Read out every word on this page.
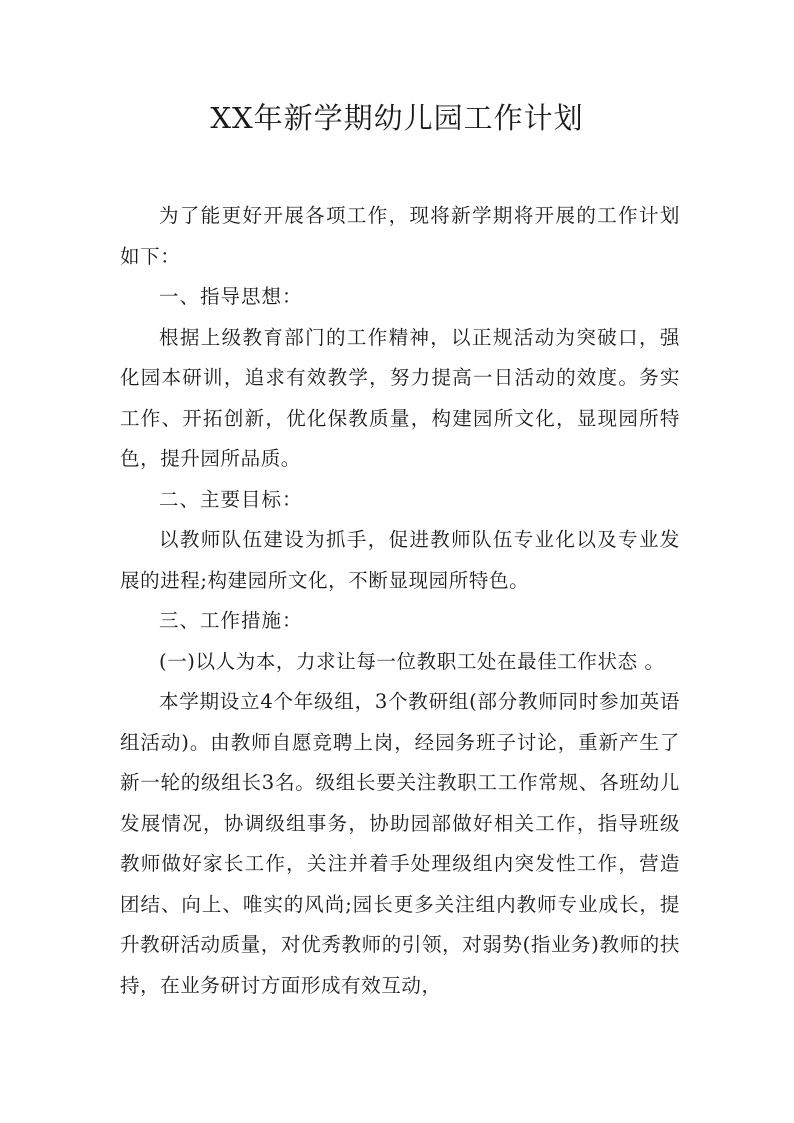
XX年新学期幼儿园工作计划

为了能更好开展各项工作，现将新学期将开展的工作计划如下：

一、指导思想：

根据上级教育部门的工作精神，以正规活动为突破口，强化园本研训，追求有效教学，努力提高一日活动的效度。务实工作、开拓创新，优化保教质量，构建园所文化，显现园所特色，提升园所品质。

二、主要目标：

以教师队伍建设为抓手，促进教师队伍专业化以及专业发展的进程;构建园所文化，不断显现园所特色。

三、工作措施：

(一)以人为本，力求让每一位教职工处在最佳工作状态 。

本学期设立4个年级组，3个教研组(部分教师同时参加英语组活动)。由教师自愿竞聘上岗，经园务班子讨论，重新产生了新一轮的级组长3名。级组长要关注教职工工作常规、各班幼儿发展情况，协调级组事务，协助园部做好相关工作，指导班级教师做好家长工作，关注并着手处理级组内突发性工作，营造团结、向上、唯实的风尚;园长更多关注组内教师专业成长，提升教研活动质量，对优秀教师的引领，对弱势(指业务)教师的扶持，在业务研讨方面形成有效互动，
